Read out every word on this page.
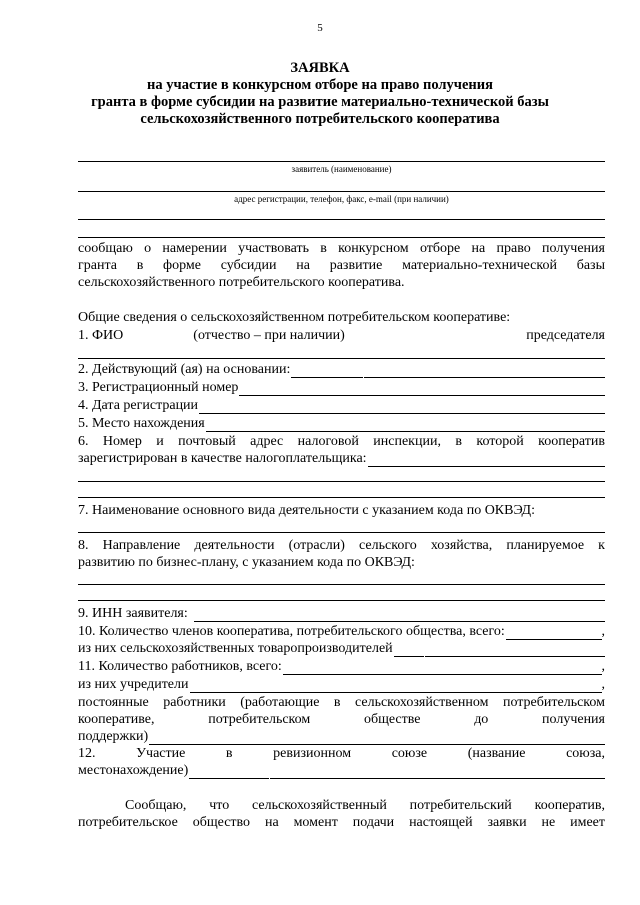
5
ЗАЯВКА
на участие в конкурсном отборе на право получения
гранта в форме субсидии на развитие материально-технической базы
сельскохозяйственного потребительского кооператива
заявитель (наименование)
адрес регистрации, телефон, факс, e-mail (при наличии)
сообщаю о намерении участвовать в конкурсном отборе на право получения
гранта в форме субсидии на развитие материально-технической базы
сельскохозяйственного потребительского кооператива.
Общие сведения о сельскохозяйственном потребительском кооперативе:
1. ФИО	(отчество – при наличии)	председателя
2. Действующий (ая) на основании:
3. Регистрационный номер
4. Дата регистрации
5. Место нахождения
6. Номер и почтовый адрес налоговой инспекции, в которой кооператив
зарегистрирован в качестве налогоплательщика:
7. Наименование основного вида деятельности с указанием кода по ОКВЭД:
8. Направление деятельности (отрасли) сельского хозяйства, планируемое к
развитию по бизнес-плану, с указанием кода по ОКВЭД:
9. ИНН заявителя:
10. Количество членов кооператива, потребительского общества, всего:	,
из них сельскохозяйственных товаропроизводителей
11. Количество работников, всего:	,
из них учредители	,
постоянные работники (работающие в сельскохозяйственном потребительском
кооперативе, потребительском обществе до получения
поддержки)
12. Участие в ревизионном союзе (название союза,
местонахождение)
Сообщаю, что сельскохозяйственный потребительский кооператив,
потребительское общество на момент подачи настоящей заявки не имеет
